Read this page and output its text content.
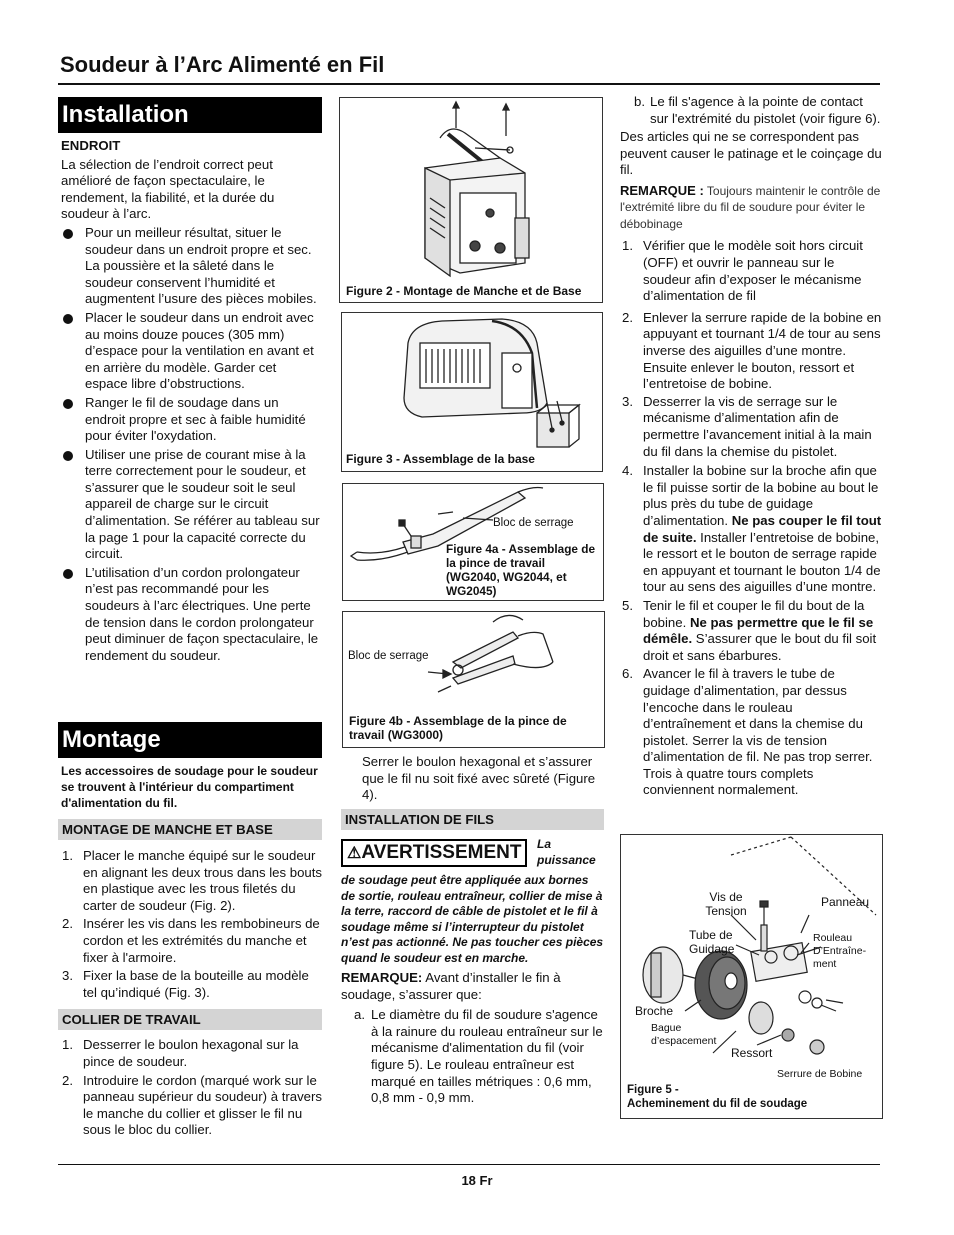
Soudeur à l’Arc Alimenté en Fil
Installation

ENDROIT

La sélection de l’endroit correct peut amélioré de façon spectaculaire, le rendement, la fiabilité, et la durée du soudeur à l’arc.

Pour un meilleur résultat, situer le soudeur dans un endroit propre et sec. La poussière et la sâleté dans le soudeur conservent l’humidité et augmentent l’usure des pièces mobiles.
Placer le soudeur dans un endroit avec au moins douze pouces (305 mm) d’espace pour la ventilation en avant et en arrière du modèle. Garder cet espace libre d’obstructions.
Ranger le fil de soudage dans un endroit propre et sec à faible humidité pour éviter l'oxydation.
Utiliser une prise de courant mise à la terre correctement pour le soudeur, et s’assurer que le soudeur soit le seul appareil de charge sur le circuit d’alimentation. Se référer au tableau sur la page 1 pour la capacité correcte du circuit.
L’utilisation d’un cordon prolongateur n’est pas recommandé pour les soudeurs à l’arc électriques. Une perte de tension dans le cordon prolongateur peut diminuer de façon spectaculaire, le rendement du soudeur.
Montage

Les accessoires de soudage pour le soudeur se trouvent à l'intérieur du compartiment d'alimentation du fil.

MONTAGE DE MANCHE ET BASE
1. Placer le manche équipé sur le soudeur en alignant les deux trous dans les bouts en plastique avec les trous filetés du carter de soudeur (Fig. 2).
2. Insérer les vis dans les rembobineurs de cordon et les extrémités du manche et fixer à l'armoire.
3. Fixer la base de la bouteille au modèle tel qu’indiqué (Fig. 3).
COLLIER DE TRAVAIL
1. Desserrer le boulon hexagonal sur la pince de soudeur.
2. Introduire le cordon (marqué work sur le panneau supérieur du soudeur) à travers le manche du collier et glisser le fil nu sous le bloc du collier.
Figure 2 - Montage de Manche et de Base
Figure 3 - Assemblage de la base
Bloc de serrage
Figure 4a - Assemblage de la pince de travail (WG2040, WG2044, et WG2045)
Bloc de serrage
Figure 4b - Assemblage de la pince de travail (WG3000)

Serrer le boulon hexagonal et s’assurer que le fil nu soit fixé avec sûreté (Figure 4).

INSTALLATION DE FILS
⚠AVERTISSEMENT	La puissance

de soudage peut être appliquée aux bornes de sortie, rouleau entraîneur, collier de mise à la terre, raccord de câble de pistolet et le fil à soudage même si l’interrupteur du pistolet n’est pas actionné. Ne pas toucher ces pièces quand le soudeur est en marche.

REMARQUE: Avant d’installer le fin à soudage, s’assurer que:

a. Le diamètre du fil de soudure s'agence à la rainure du rouleau entraîneur sur le mécanisme d'alimentation du fil (voir figure 5). Le rouleau entraîneur est marqué en tailles métriques : 0,6 mm, 0,8 mm - 0,9 mm.
b. Le fil s'agence à la pointe de contact sur l'extrémité du pistolet (voir figure 6).

Des articles qui ne se correspondent pas peuvent causer le patinage et le coinçage du fil.

REMARQUE : Toujours maintenir le contrôle de l'extrémité libre du fil de soudure pour éviter le débobinage

1. Vérifier que le modèle soit hors circuit (OFF) et ouvrir le panneau sur le soudeur afin d’exposer le mécanisme d’alimentation de fil
2. Enlever la serrure rapide de la bobine en appuyant et tournant 1/4 de tour au sens inverse des aiguilles d’une montre. Ensuite enlever le bouton, ressort et l’entretoise de bobine.
3. Desserrer la vis de serrage sur le mécanisme d’alimentation afin de permettre l’avancement initial à la main du fil dans la chemise du pistolet.
4. Installer la bobine sur la broche afin que le fil puisse sortir de la bobine au bout le plus près du tube de guidage d’alimentation. Ne pas couper le fil tout de suite. Installer l’entretoise de bobine, le ressort et le bouton de serrage rapide en appuyant et tournant le bouton 1/4 de tour au sens des aiguilles d’une montre.
5. Tenir le fil et couper le fil du bout de la bobine. Ne pas permettre que le fil se démêle. S’assurer que le bout du fil soit droit et sans ébarbures.
6. Avancer le fil à travers le tube de guidage d’alimentation, par dessus l’encoche dans le rouleau d’entraînement et dans la chemise du pistolet. Serrer la vis de tension d’alimentation de fil. Ne pas trop serrer. Trois à quatre tours complets conviennent normalement.
Vis de Tension
Panneau
Tube de Guidage
Rouleau D’Entraîne- ment
Broche
Bague d’espacement
Ressort
Serrure de Bobine
Figure 5 -
Acheminement du fil de soudage
18 Fr
